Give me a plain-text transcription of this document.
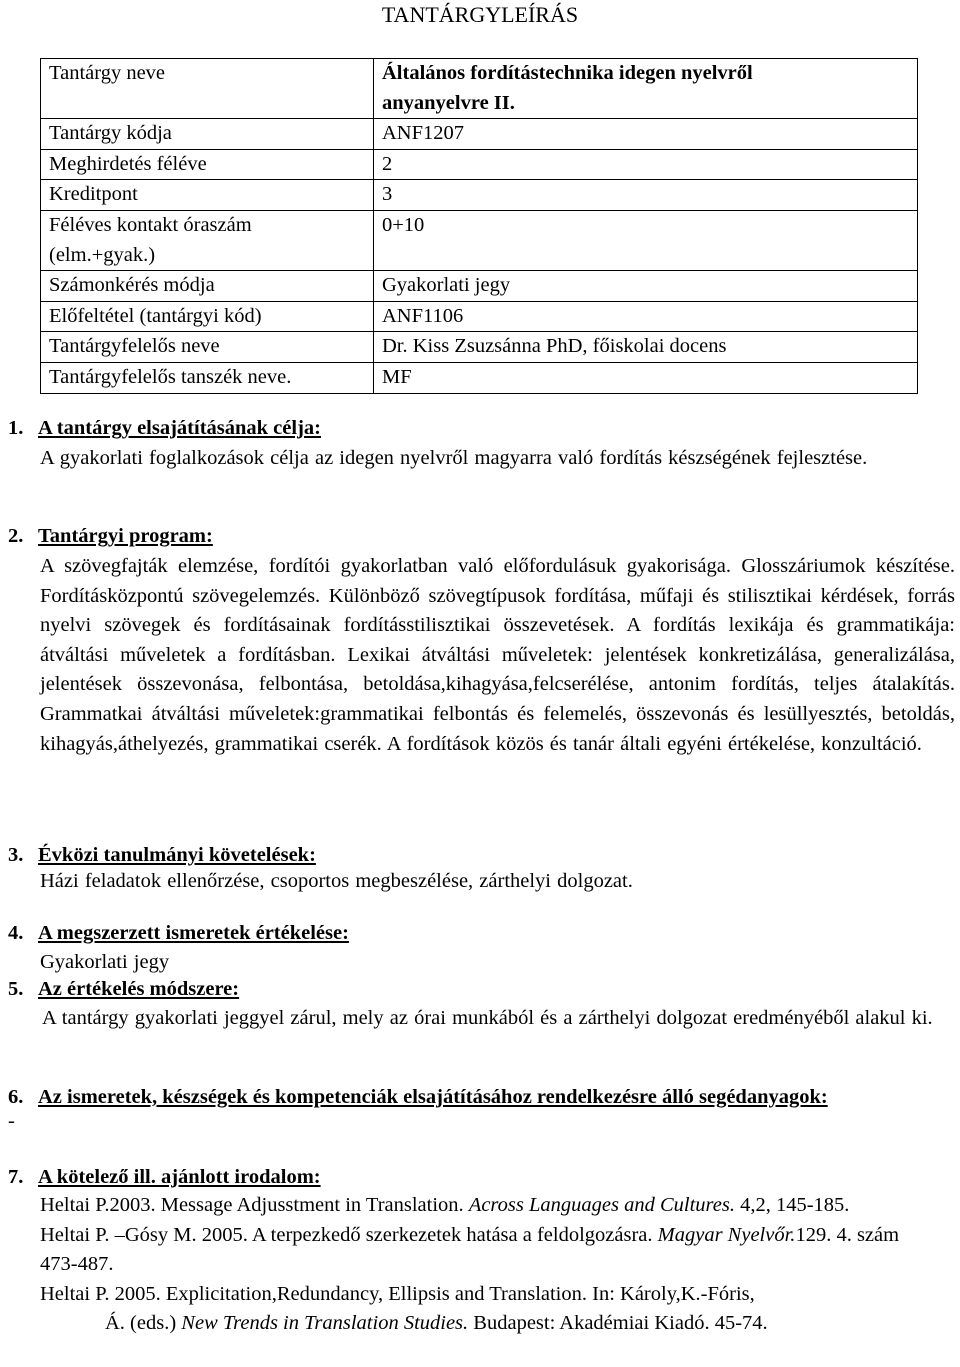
TANTÁRGYLEÍRÁS
Tantárgy neve	Általános fordítástechnika idegen nyelvről
anyanyelvre II.

Tantárgy kódja	ANF1207
Meghirdetés féléve	2
Kreditpont	3

Féléves kontakt óraszám
(elm.+gyak.)	0+10
Számonkérés módja	Gyakorlati jegy
Előfeltétel (tantárgyi kód)	ANF1106
Tantárgyfelelős neve	Dr. Kiss Zsuzsánna PhD, főiskolai docens
Tantárgyfelelős tanszék neve.	MF
1. A tantárgy elsajátításának célja:
A gyakorlati foglalkozások célja az idegen nyelvről magyarra való fordítás készségének fejlesztése.
2. Tantárgyi program:
A szövegfajták elemzése, fordítói gyakorlatban való előfordulásuk gyakorisága. Glosszáriumok készítése. Fordításközpontú szövegelemzés. Különböző szövegtípusok fordítása, műfaji és stilisztikai kérdések, forrás nyelvi szövegek és fordításainak fordításstilisztikai összevetések. A fordítás lexikája és grammatikája: átváltási műveletek a fordításban. Lexikai átváltási műveletek: jelentések konkretizálása, generalizálása, jelentések összevonása, felbontása, betoldása,kihagyása,felcserélése, antonim fordítás, teljes átalakítás. Grammatkai átváltási műveletek:grammatikai felbontás és felemelés, összevonás és lesüllyesztés, betoldás, kihagyás,áthelyezés, grammatikai cserék. A fordítások közös és tanár általi egyéni értékelése, konzultáció.
3. Évközi tanulmányi követelések:
Házi feladatok ellenőrzése, csoportos megbeszélése, zárthelyi dolgozat.
4. A megszerzett ismeretek értékelése:
Gyakorlati jegy
5. Az értékelés módszere:
A tantárgy gyakorlati jeggyel zárul, mely az órai munkából és a zárthelyi dolgozat eredményéből alakul ki.
6. Az ismeretek, készségek és kompetenciák elsajátításához rendelkezésre álló segédanyagok:
-
7. A kötelező ill. ajánlott irodalom:

Heltai P.2003. Message Adjusstment in Translation. Across Languages and Cultures. 4,2, 145-185.

Heltai P. –Gósy M. 2005. A terpezkedő szerkezetek hatása a feldolgozásra. Magyar Nyelvőr.129. 4. szám 473-487.

Heltai P. 2005. Explicitation,Redundancy, Ellipsis and Translation. In: Károly,K.-Fóris,
Á. (eds.) New Trends in Translation Studies. Budapest: Akadémiai Kiadó. 45-74.
